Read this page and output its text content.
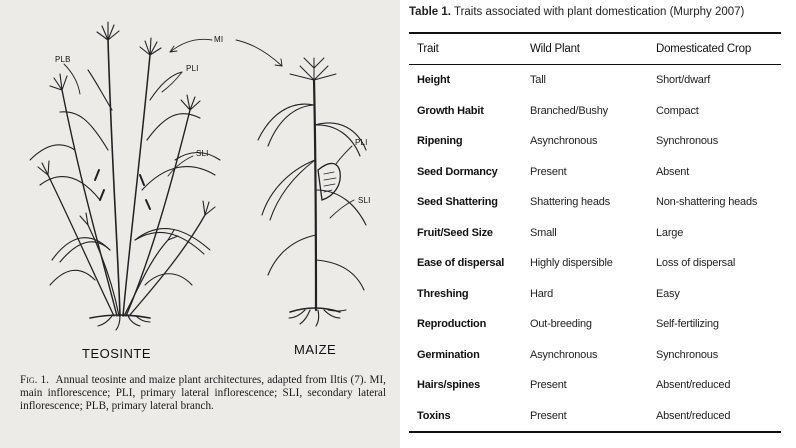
MI
PLB
PLI
SLI
PLI
SLI
TEOSINTE	MAIZE
Fig. 1. Annual teosinte and maize plant architectures, adapted from Iltis (7). MI, main inflorescence; PLI, primary lateral inflorescence; SLI, secondary lateral inflorescence; PLB, primary lateral branch.
Table 1. Traits associated with plant domestication (Murphy 2007)
Trait	Wild Plant	Domesticated Crop
Height	Tall	Short/dwarf
Growth Habit	Branched/Bushy	Compact
Ripening	Asynchronous	Synchronous
Seed Dormancy	Present	Absent
Seed Shattering	Shattering heads	Non-shattering heads
Fruit/Seed Size	Small	Large
Ease of dispersal	Highly dispersible	Loss of dispersal
Threshing	Hard	Easy
Reproduction	Out-breeding	Self-fertilizing
Germination	Asynchronous	Synchronous
Hairs/spines	Present	Absent/reduced
Toxins	Present	Absent/reduced
